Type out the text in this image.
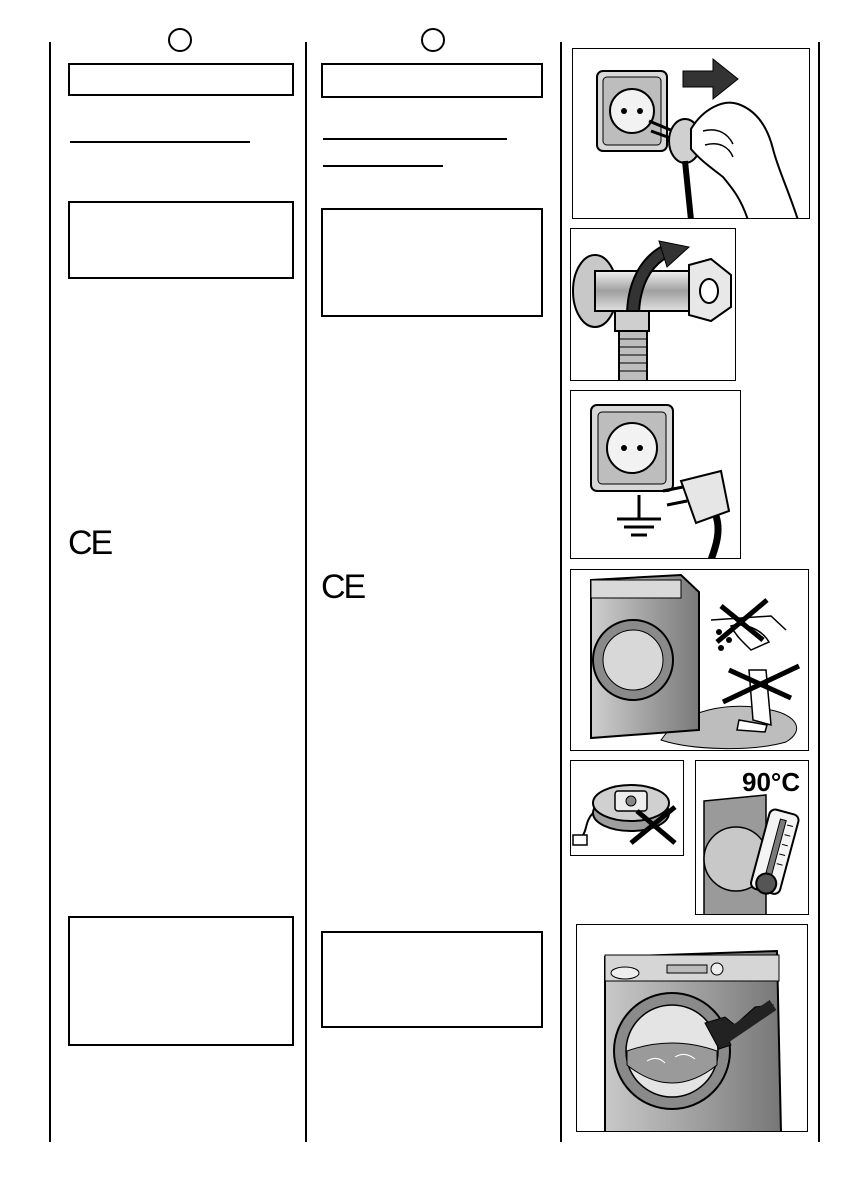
CE
CE
90°C
